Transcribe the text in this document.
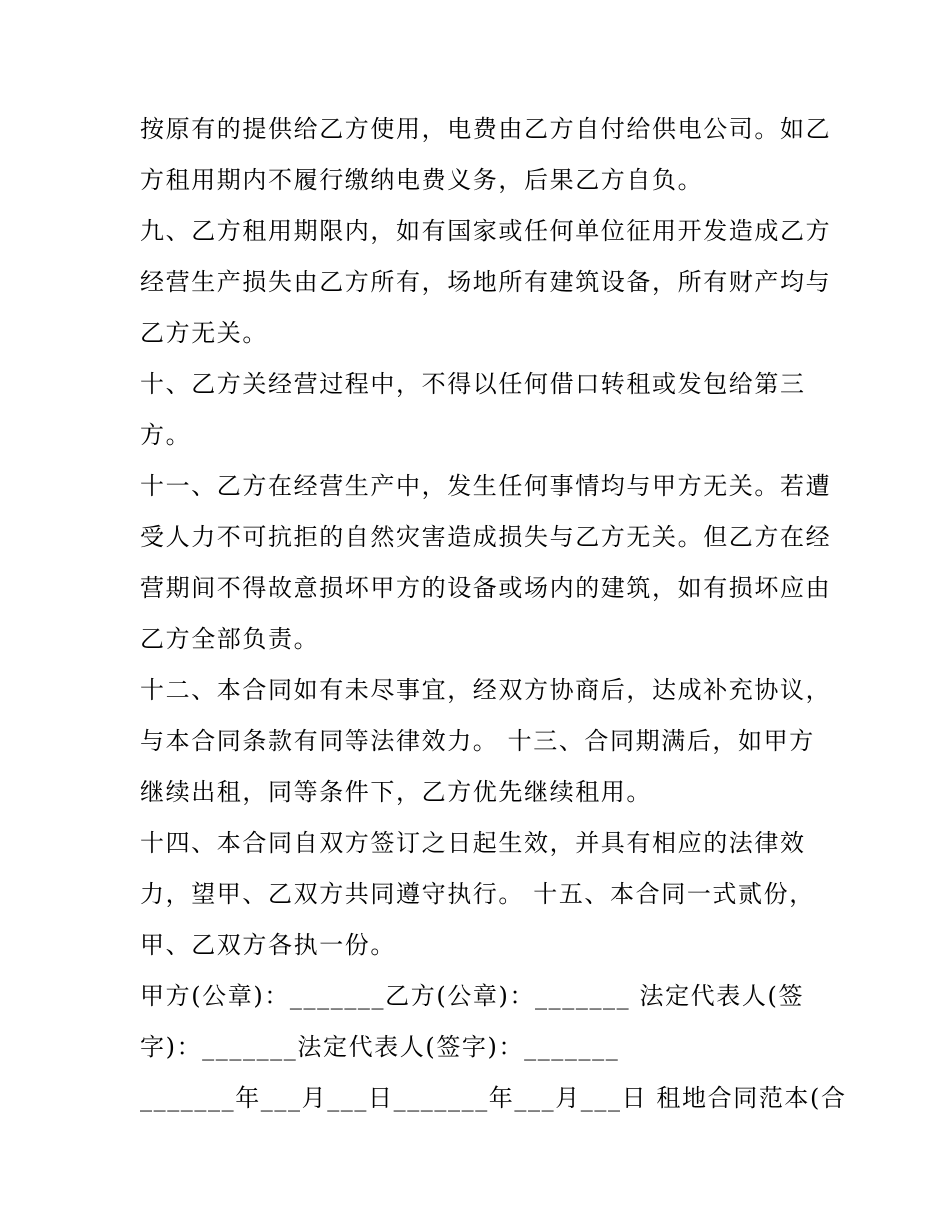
按原有的提供给乙方使用，电费由乙方自付给供电公司。如乙
方租用期内不履行缴纳电费义务，后果乙方自负。
九、乙方租用期限内，如有国家或任何单位征用开发造成乙方
经营生产损失由乙方所有，场地所有建筑设备，所有财产均与
乙方无关。
十、乙方关经营过程中，不得以任何借口转租或发包给第三
方。
十一、乙方在经营生产中，发生任何事情均与甲方无关。若遭
受人力不可抗拒的自然灾害造成损失与乙方无关。但乙方在经
营期间不得故意损坏甲方的设备或场内的建筑，如有损坏应由
乙方全部负责。
十二、本合同如有未尽事宜，经双方协商后，达成补充协议，
与本合同条款有同等法律效力。 十三、合同期满后，如甲方
继续出租，同等条件下，乙方优先继续租用。
十四、本合同自双方签订之日起生效，并具有相应的法律效
力，望甲、乙双方共同遵守执行。 十五、本合同一式贰份，
甲、乙双方各执一份。
甲方(公章)：_______乙方(公章)：_______ 法定代表人(签
字)：_______法定代表人(签字)：_______
_______年___月___日_______年___月___日 租地合同范本(合
